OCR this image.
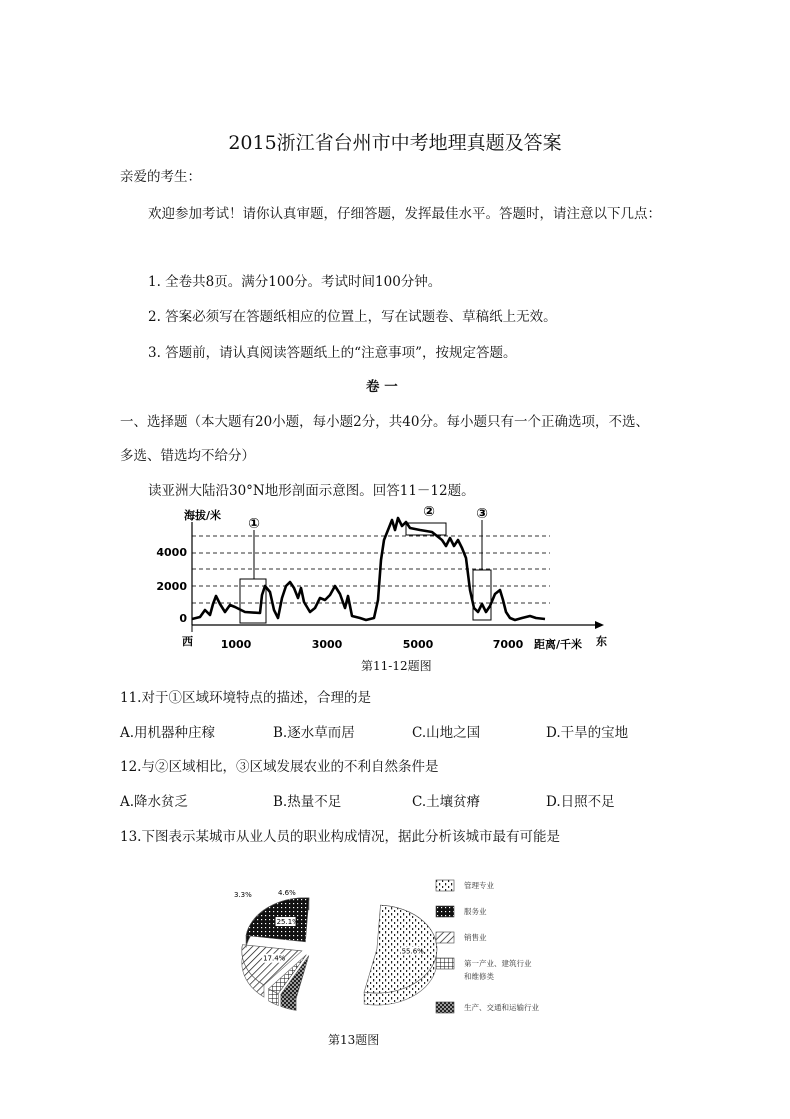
2015浙江省台州市中考地理真题及答案
亲爱的考生：
欢迎参加考试！请你认真审题，仔细答题，发挥最佳水平。答题时，请注意以下几点：
1. 全卷共8页。满分100分。考试时间100分钟。
2. 答案必须写在答题纸相应的位置上，写在试题卷、草稿纸上无效。
3. 答题前，请认真阅读答题纸上的“注意事项”，按规定答题。
卷 一
一、选择题（本大题有20小题，每小题2分，共40分。每小题只有一个正确选项，不选、
多选、错选均不给分）
读亚洲大陆沿30°N地形剖面示意图。回答11－12题。
①
②	③
海拔/米
4000
2000
0
西	1000	3000	5000	7000 距离/千米 东
第11-12题图
11.对于①区域环境特点的描述，合理的是
A.用机器种庄稼	B.逐水草而居	C.山地之国	D.干旱的宝地
12.与②区域相比，③区域发展农业的不利自然条件是
A.降水贫乏	B.热量不足	C.土壤贫瘠	D.日照不足
13.下图表示某城市从业人员的职业构成情况，据此分析该城市最有可能是
55.6%
25.1%
17.4%
3.3%	4.6%
管理专业
服务业
销售业
第一产业、建筑行业
和维修类
生产、交通和运输行业
第13题图
